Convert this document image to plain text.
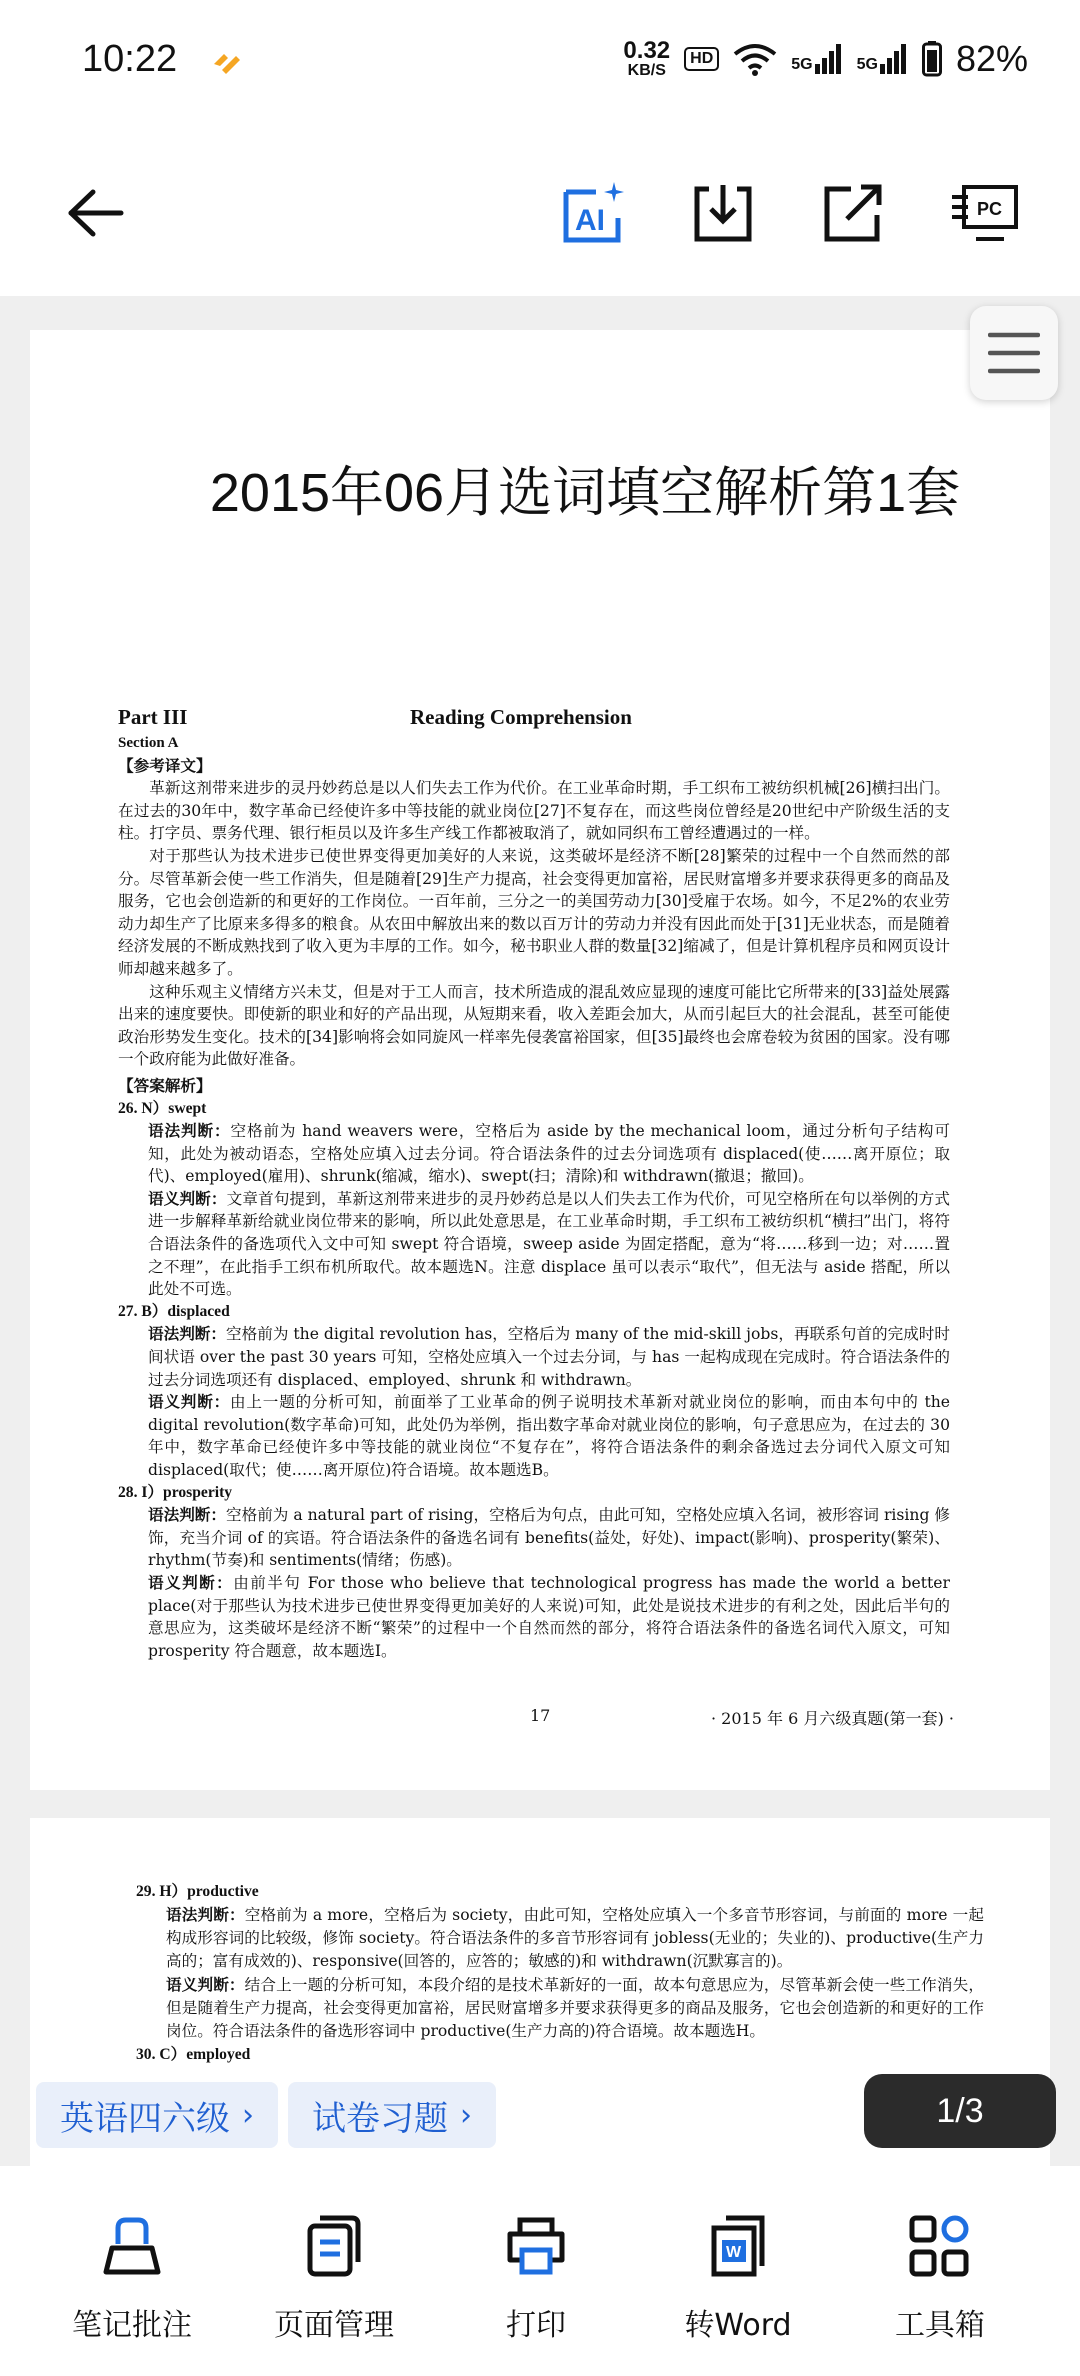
10:22	0.32
KB/S
HD	5G	5G 82%
AI	PC
2015年06月选词填空解析第1套
Part III	Reading Comprehension
Section A
【参考译文】

革新这剂带来进步的灵丹妙药总是以人们失去工作为代价。在工业革命时期，手工织布工被纺织机械[26]横扫出门。在过去的30年中，数字革命已经使许多中等技能的就业岗位[27]不复存在，而这些岗位曾经是20世纪中产阶级生活的支柱。打字员、票务代理、银行柜员以及许多生产线工作都被取消了，就如同织布工曾经遭遇过的一样。

对于那些认为技术进步已使世界变得更加美好的人来说，这类破坏是经济不断[28]繁荣的过程中一个自然而然的部分。尽管革新会使一些工作消失，但是随着[29]生产力提高，社会变得更加富裕，居民财富增多并要求获得更多的商品及服务，它也会创造新的和更好的工作岗位。一百年前，三分之一的美国劳动力[30]受雇于农场。如今，不足2%的农业劳动力却生产了比原来多得多的粮食。从农田中解放出来的数以百万计的劳动力并没有因此而处于[31]无业状态，而是随着经济发展的不断成熟找到了收入更为丰厚的工作。如今，秘书职业人群的数量[32]缩减了，但是计算机程序员和网页设计师却越来越多了。

这种乐观主义情绪方兴未艾，但是对于工人而言，技术所造成的混乱效应显现的速度可能比它所带来的[33]益处展露出来的速度要快。即使新的职业和好的产品出现，从短期来看，收入差距会加大，从而引起巨大的社会混乱，甚至可能使政治形势发生变化。技术的[34]影响将会如同旋风一样率先侵袭富裕国家，但[35]最终也会席卷较为贫困的国家。没有哪一个政府能为此做好准备。

【答案解析】
26. N）swept
语法判断：空格前为 hand weavers were，空格后为 aside by the mechanical loom，通过分析句子结构可知，此处为被动语态，空格处应填入过去分词。符合语法条件的过去分词选项有 displaced(使……离开原位；取代)、employed(雇用)、shrunk(缩减，缩水)、swept(扫；清除)和 withdrawn(撤退；撤回)。
语义判断：文章首句提到，革新这剂带来进步的灵丹妙药总是以人们失去工作为代价，可见空格所在句以举例的方式进一步解释革新给就业岗位带来的影响，所以此处意思是，在工业革命时期，手工织布工被纺织机“横扫”出门，将符合语法条件的备选项代入文中可知 swept 符合语境，sweep aside 为固定搭配，意为“将……移到一边；对……置之不理”，在此指手工织布机所取代。故本题选N。注意 displace 虽可以表示“取代”，但无法与 aside 搭配，所以此处不可选。
27. B）displaced
语法判断：空格前为 the digital revolution has，空格后为 many of the mid-skill jobs，再联系句首的完成时时间状语 over the past 30 years 可知，空格处应填入一个过去分词，与 has 一起构成现在完成时。符合语法条件的过去分词选项还有 displaced、employed、shrunk 和 withdrawn。
语义判断：由上一题的分析可知，前面举了工业革命的例子说明技术革新对就业岗位的影响，而由本句中的 the digital revolution(数字革命)可知，此处仍为举例，指出数字革命对就业岗位的影响，句子意思应为，在过去的 30 年中，数字革命已经使许多中等技能的就业岗位“不复存在”，将符合语法条件的剩余备选过去分词代入原文可知 displaced(取代；使……离开原位)符合语境。故本题选B。
28. I）prosperity
语法判断：空格前为 a natural part of rising，空格后为句点，由此可知，空格处应填入名词，被形容词 rising 修饰，充当介词 of 的宾语。符合语法条件的备选名词有 benefits(益处，好处)、impact(影响)、prosperity(繁荣)、rhythm(节奏)和 sentiments(情绪；伤感)。
语义判断：由前半句 For those who believe that technological progress has made the world a better place(对于那些认为技术进步已使世界变得更加美好的人来说)可知，此处是说技术进步的有利之处，因此后半句的意思应为，这类破坏是经济不断“繁荣”的过程中一个自然而然的部分，将符合语法条件的备选名词代入原文，可知 prosperity 符合题意，故本题选I。
17	· 2015 年 6 月六级真题(第一套) ·
29. H）productive
语法判断：空格前为 a more，空格后为 society，由此可知，空格处应填入一个多音节形容词，与前面的 more 一起构成形容词的比较级，修饰 society。符合语法条件的多音节形容词有 jobless(无业的；失业的)、productive(生产力高的；富有成效的)、responsive(回答的，应答的；敏感的)和 withdrawn(沉默寡言的)。
语义判断：结合上一题的分析可知，本段介绍的是技术革新好的一面，故本句意思应为，尽管革新会使一些工作消失，但是随着生产力提高，社会变得更加富裕，居民财富增多并要求获得更多的商品及服务，它也会创造新的和更好的工作岗位。符合语法条件的备选形容词中 productive(生产力高的)符合语境。故本题选H。
30. C）employed
英语四六级 › 试卷习题 ›	1/3
笔记批注	页面管理	打印
W
转Word	工具箱
